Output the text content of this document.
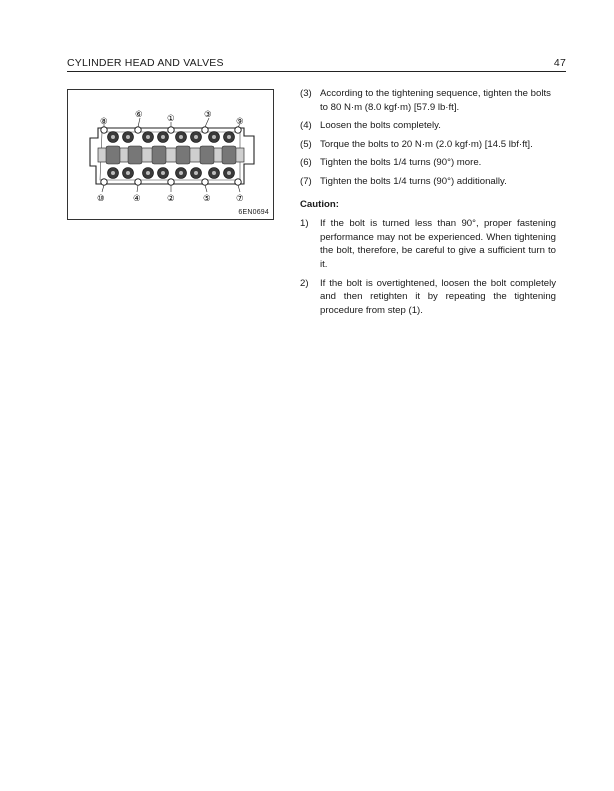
CYLINDER HEAD AND VALVES	47
⑧
⑥	①	③
⑨
⑩	④	②	⑤	⑦
6EN0694
(3) According to the tightening sequence, tighten the bolts to 80 N·m (8.0 kgf·m) [57.9 lb·ft].
(4) Loosen the bolts completely.
(5) Torque the bolts to 20 N·m (2.0 kgf·m) [14.5 lbf·ft].
(6) Tighten the bolts 1/4 turns (90°) more.
(7) Tighten the bolts 1/4 turns (90°) additionally.
Caution:
1) If the bolt is turned less than 90°, proper fastening performance may not be experienced. When tightening the bolt, therefore, be careful to give a sufficient turn to it.
2) If the bolt is overtightened, loosen the bolt completely and then retighten it by repeating the tightening procedure from step (1).
